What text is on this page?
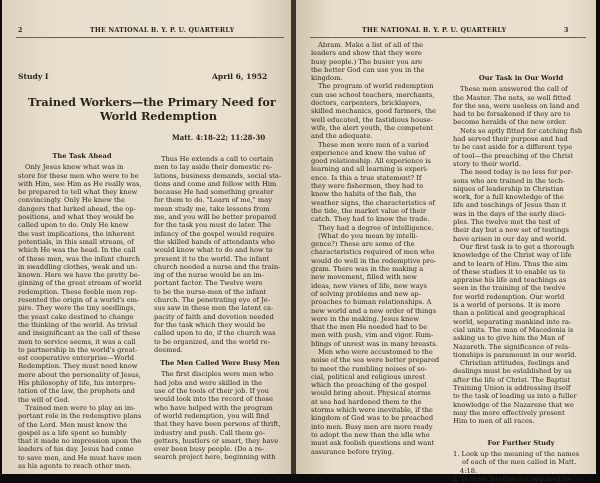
2	THE NATIONAL B. Y. P. U. QUARTERLY
Study I	April 6, 1952
Trained Workers—the Primary Need for
World Redemption
Matt. 4:18-22; 11:28-30
The Task Ahead
Only Jesus knew what was in
store for these men who were to be
with Him, see Him as He really was,
be prepared to tell what they knew
convincingly. Only He knew the
dangers that lurked ahead, the op-
positions, and what they would be
called upon to do. Only He knew
the vast implications, the inherent
potentials, in this small stream, of
which He was the head. In the call
of these men, was the infant church
in swaddling clothes, weak and un-
known. Here we have the pretty be-
ginning of the great stream of world
redemption. These feeble men rep-
resented the origin of a world's em-
pire. They were the tiny seedlings,
the yeast cake destined to change
the thinking of the world. As trivial
and insignificant as the call of these
men to service seems, it was a call
to partnership in the world's great-
est cooperative enterprise—World
Redemption. They must need know
more about the personality of Jesus,
His philosophy of life, his interpre-
tation of the law, the prophets and
the will of God.
Trained men were to play an im-
portant role in the redemptive plans
of the Lord. Men must know the
gospel as a life spent so humbly
that it made no impression upon the
leaders of his day. Jesus had come
to save men, and He must have men
as his agents to reach other men.
Thus He extends a call to certain
men to lay aside their domestic re-
lations, business demands, social sta-
tions and come and follow with Him
because He had something greater
for them to do. "Learn of me," may
mean study me, take lessons from
me, and you will be better prepared
for the task you must do later. The
infancy of the gospel would require
the skilled hands of attendants who
would know what to do and how to
present it to the world. The infant
church needed a nurse and the train-
ing of the nurse would be an im-
portant factor. The Twelve were
to be the nurse-men of the infant
church. The penetrating eye of Je-
sus saw in these men the latent ca-
pacity of faith and devotion needed
for the task which they would be
called upon to do, if the church was
to be organized, and the world re-
deemed.
The Men Called Were Busy Men
The first disciples were men who
had jobs and were skilled in the
use of the tools of their job. If you
would look into the record of those
who have helped with the program
of world redemption, you will find
that they have been persons of thrift,
industry and push. Call them go-
getters, hustlers or smart, they have
ever been busy people. (Do a re-
search project here, beginning with
THE NATIONAL B. Y. P. U. QUARTERLY	3
Abram. Make a list of all of the
leaders and show that they were
busy people.) The busier you are
the better God can use you in the
kingdom.
The program of world redemption
can use school teachers, merchants,
doctors, carpenters, bricklayers,
skilled mechanics, good farmers, the
well educated, the fastidious house-
wife, the alert youth, the competent
and the adequate.
These men were men of a varied
experience and knew the value of
good relationship. All experience is
learning and all learning is experi-
ence. Is this a true statement? If
they were fishermen, they had to
know the habits of the fish, the
weather signs, the characteristics of
the tide, the market value of their
catch. They had to know the trade.
They had a degree of intelligence.
(What do you mean by intelli-
gence?) These are some of the
characteristics required of men who
would do well in the redemptive pro-
gram. There was in the making a
new movement, filled with new
ideas, new views of life, new ways
of solving problems and new ap-
proaches to human relationships. A
new world and a new order of things
were in the making. Jesus knew
that the men He needed had to be
men with push, vim and vigor. Rum-
blings of unrest was in many breasts.
Men who were accustomed to the
noise of the sea were better prepared
to meet the rumbling noises of so-
cial, political and religious unrest
which the preaching of the gospel
would bring about. Physical storms
at sea had hardened them to the
storms which were inevitable, if the
kingdom of God was to be preached
into men. Busy men are more ready
to adopt the new than the idle who
must ask foolish questions and want
assurance before trying.
Our Task in Our World
These men answered the call of
the Master. The nets, so well fitted
for the sea, were useless on land and
had to be forsakened if they are to
become heralds of the new order.
Nets so aptly fitted for catching fish
had served their purpose and had
to be cast aside for a different type
of tool—the preaching of the Christ
story to their world.
The need today is no less for per-
sons who are trained in the tech-
niques of leadership in Christian
work, for a full knowledge of the
life and teachings of Jesus than it
was in the days of the early disci-
ples. The twelve met the test of
their day but a new set of testings
have arisen in our day and world.
Our first task is to get a thorough
knowledge of the Christ way of life
and to learn of Him. Thus the aim
of these studies it to enable us to
appraise his life and teachings as
seen in the training of the twelve
for world redemption. Our world
is a world of persons. It is more
than a political and geographical
world, separating mankind into ra-
cial units. The man of Macedonia is
asking us to give him the Man of
Nazareth. The significance of rela-
tionships is paramount in our world.
Christian attitudes, feelings and
dealings must be established by us
after the life of Christ. The Baptist
Training Union is addressing itself
to the task of leading us into a fuller
knowledge of the Nazarene that we
may the more effectively present
Him to men of all races.
For Further Study
1. Look up the meaning of the names
of each of the men called in Matt.
4:18.
2. Is more intelligence required to-
